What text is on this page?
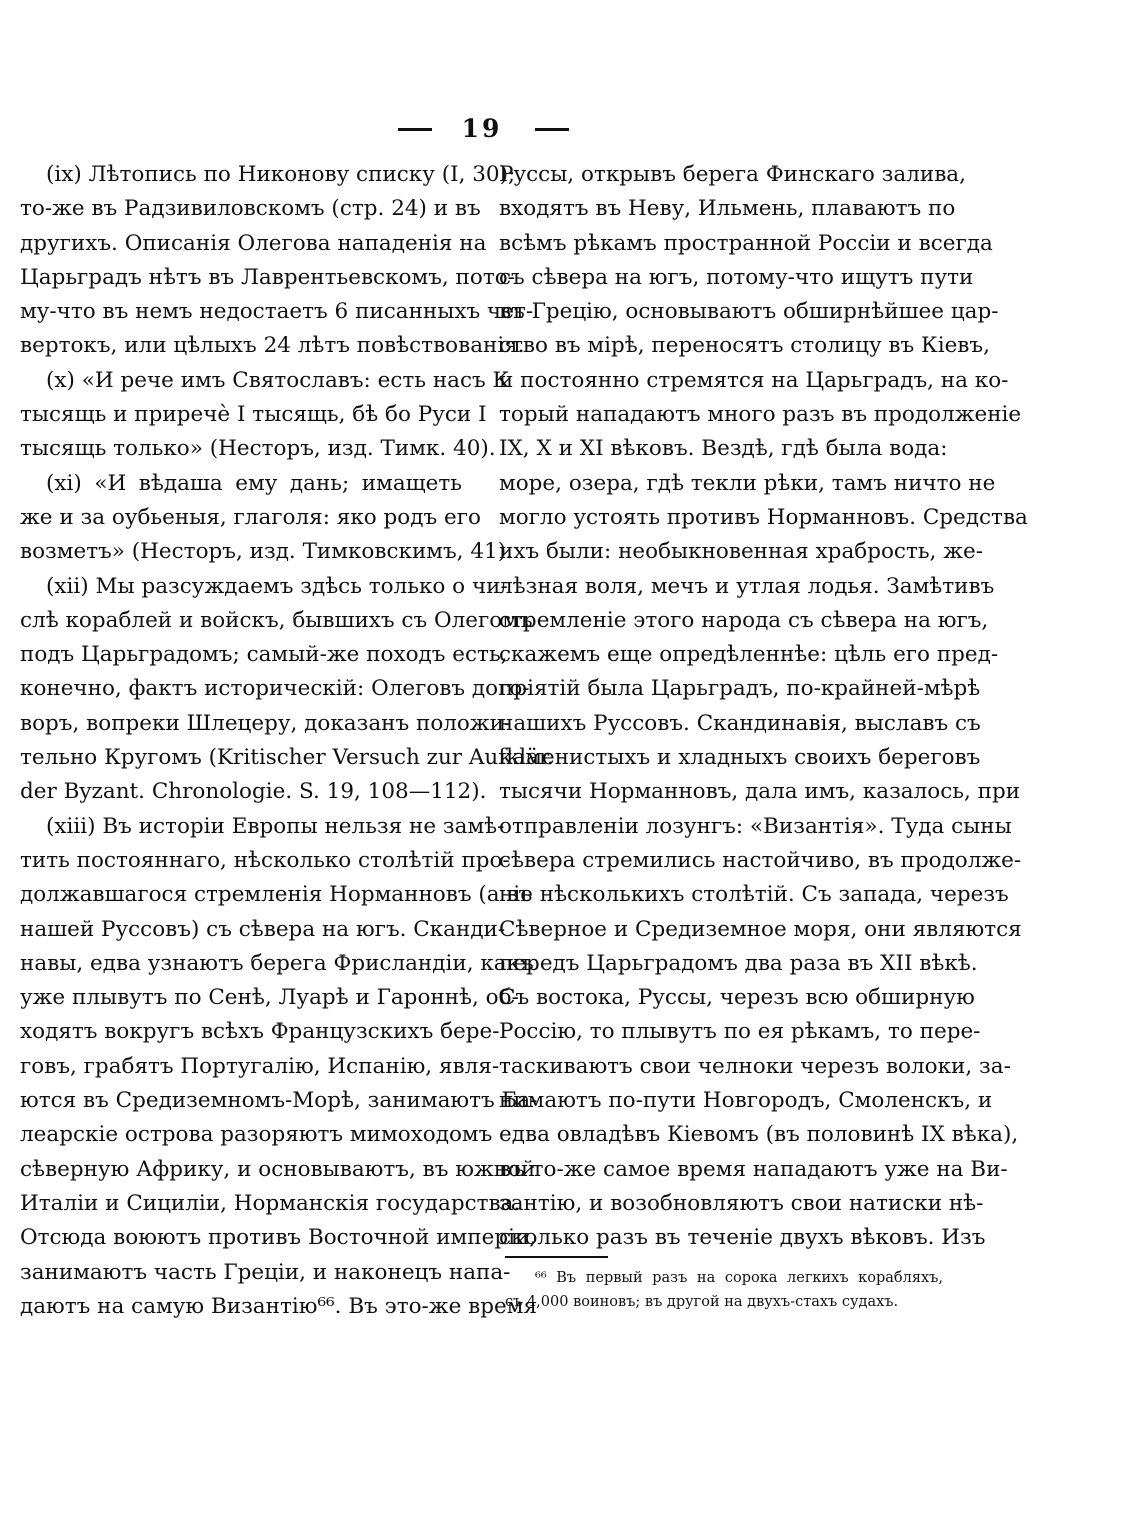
19
(ix) Лѣтопись по Никонову списку (I, 30);
то-же въ Радзивиловскомъ (стр. 24) и въ
другихъ. Описанія Олегова нападенія на
Царьградъ нѣтъ въ Лаврентьевскомъ, пото-
му-что въ немъ недостаетъ 6 писанныхъ чет-
вертокъ, или цѣлыхъ 24 лѣтъ повѣствованія.
(x) «И рече имъ Святославъ: есть насъ К
тысящь и приречѐ I тысящь, бѣ бо Руси I
тысящь только» (Несторъ, изд. Тимк. 40).
(xi) «И вѣдаша ему дань; имащеть
же и за оубьеныя, глаголя: яко родъ его
возметъ» (Несторъ, изд. Тимковскимъ, 41).
(xii) Мы разсуждаемъ здѣсь только о чи-
слѣ кораблей и войскъ, бывшихъ съ Олегомъ
подъ Царьградомъ; самый-же походъ есть,
конечно, фактъ историческій: Олеговъ дого-
воръ, вопреки Шлецеру, доказанъ положи-
тельно Кругомъ (Kritischer Versuch zur Aufklär.
der Byzant. Chronologie. S. 19, 108—112).
(xiii) Въ исторіи Европы нельзя не замѣ-
тить постояннаго, нѣсколько столѣтій про-
должавшагося стремленія Норманновъ (а въ
нашей Руссовъ) съ сѣвера на югъ. Сканди-
навы, едва узнаютъ берега Фрисландіи, какъ
уже плывутъ по Сенѣ, Луарѣ и Гароннѣ, об-
ходятъ вокругъ всѣхъ Французскихъ бере-
говъ, грабятъ Португалію, Испанію, явля-
ются въ Средиземномъ-Морѣ, занимаютъ Ба-
леарскіе острова разоряютъ мимоходомъ
сѣверную Африку, и основываютъ, въ южной
Италіи и Сициліи, Норманскія государства.
Отсюда воюютъ противъ Восточной имперіи,
занимаютъ часть Греціи, и наконецъ напа-
даютъ на самую Византію⁶⁶. Въ это-же время
Руссы, открывъ берега Финскаго залива,
входятъ въ Неву, Ильмень, плаваютъ по
всѣмъ рѣкамъ пространной Россіи и всегда
съ сѣвера на югъ, потому-что ищутъ пути
въ Грецію, основываютъ обширнѣйшее цар-
ство въ мірѣ, переносятъ столицу въ Кіевъ,
и постоянно стремятся на Царьградъ, на ко-
торый нападаютъ много разъ въ продолженіе
IX, X и XI вѣковъ. Вездѣ, гдѣ была вода:
море, озера, гдѣ текли рѣки, тамъ ничто не
могло устоять противъ Норманновъ. Средства
ихъ были: необыкновенная храбрость, же-
лѣзная воля, мечъ и утлая лодья. Замѣтивъ
стремленіе этого народа съ сѣвера на югъ,
скажемъ еще опредѣленнѣе: цѣль его пред-
пріятій была Царьградъ, по-крайней-мѣрѣ
нашихъ Руссовъ. Скандинавія, выславъ съ
каменистыхъ и хладныхъ своихъ береговъ
тысячи Норманновъ, дала имъ, казалось, при
отправленіи лозунгъ: «Византія». Туда сыны
сѣвера стремились настойчиво, въ продолже-
ніе нѣсколькихъ столѣтій. Съ запада, черезъ
Сѣверное и Средиземное моря, они являются
передъ Царьградомъ два раза въ XII вѣкѣ.
Съ востока, Руссы, черезъ всю обширную
Россію, то плывутъ по ея рѣкамъ, то пере-
таскиваютъ свои челноки черезъ волоки, за-
нимаютъ по-пути Новгородъ, Смоленскъ, и
едва овладѣвъ Кіевомъ (въ половинѣ IX вѣка),
въ то-же самое время нападаютъ уже на Ви-
зантію, и возобновляютъ свои натиски нѣ-
сколько разъ въ теченіе двухъ вѣковъ. Изъ
⁶⁶ Въ первый разъ на сорока легкихъ корабляхъ,
съ 4,000 воиновъ; въ другой на двухъ-стахъ судахъ.
